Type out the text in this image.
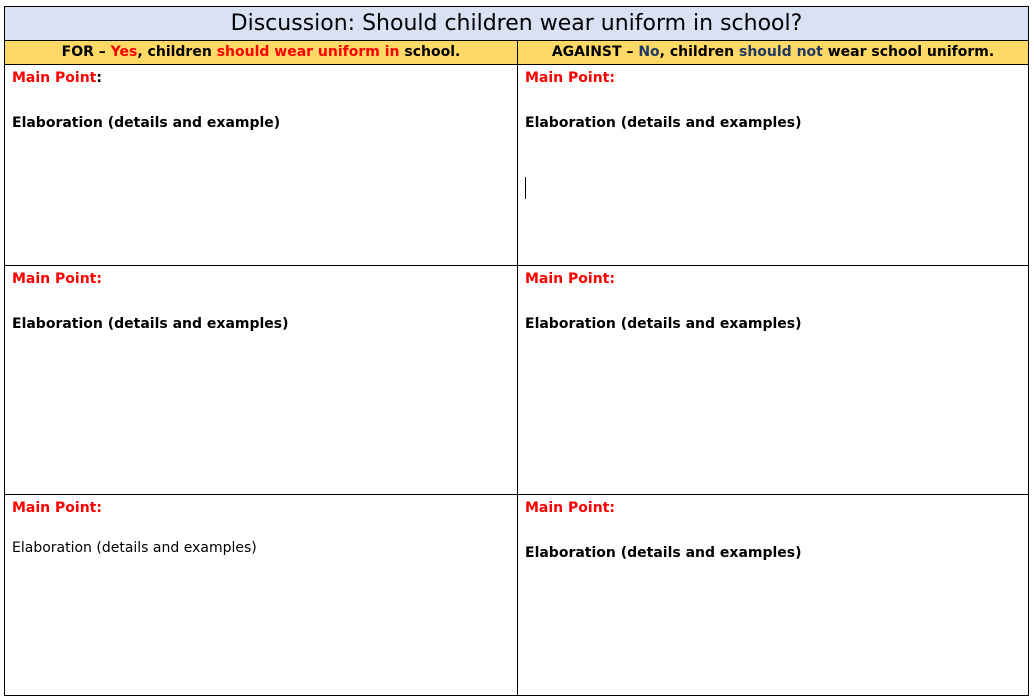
Discussion: Should children wear uniform in school?
FOR – Yes, children should wear uniform in school.	AGAINST – No, children should not wear school uniform.
Main Point:
Elaboration (details and example)
Main Point:
Elaboration (details and examples)
Main Point:
Elaboration (details and examples)
Main Point:
Elaboration (details and examples)
Main Point:
Elaboration (details and examples)
Main Point:
Elaboration (details and examples)
